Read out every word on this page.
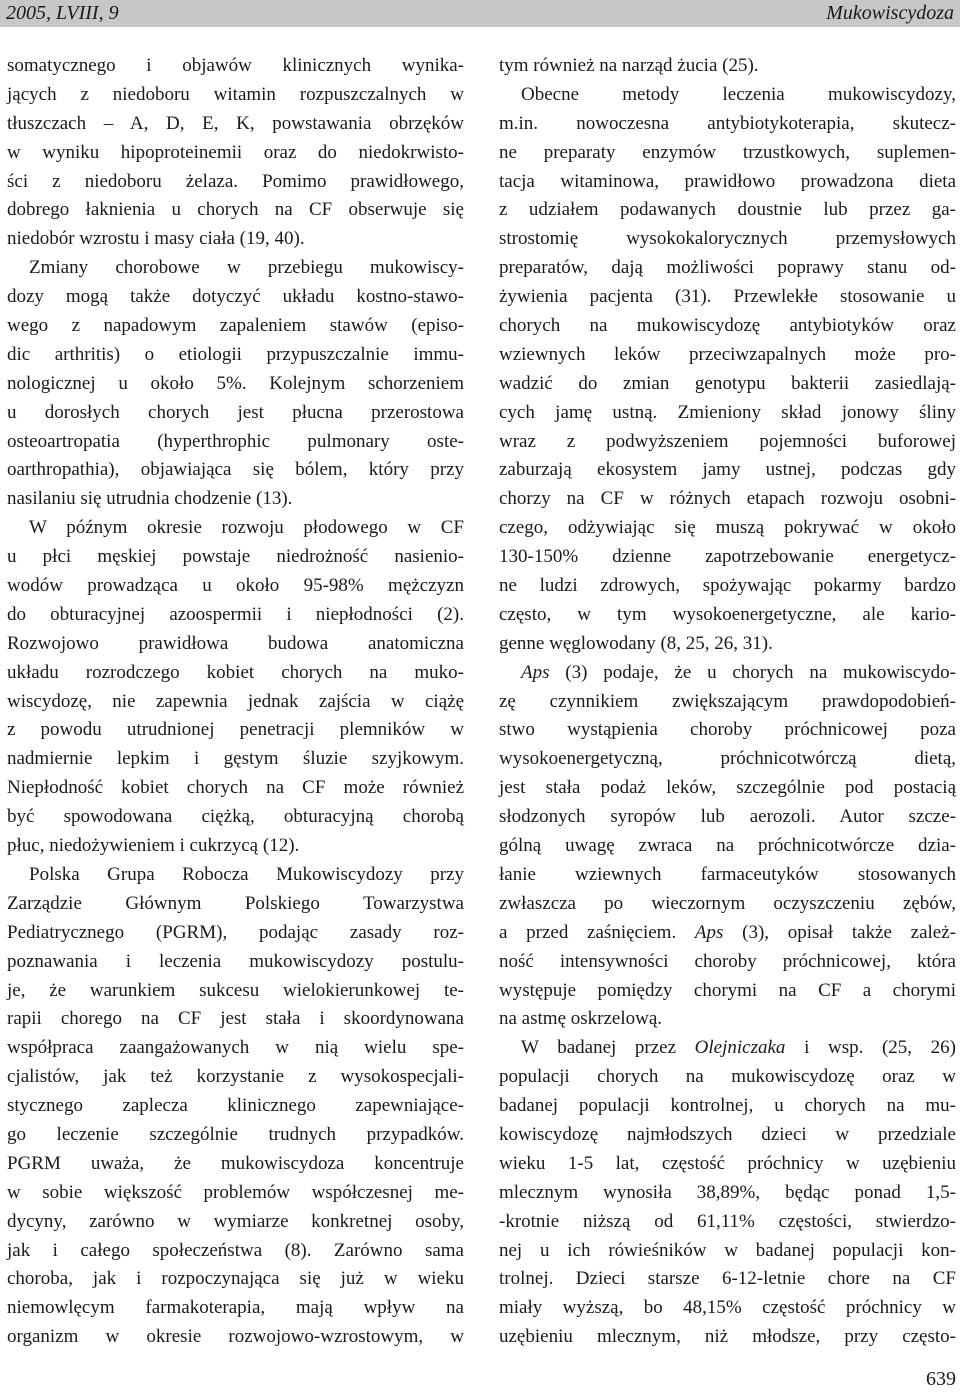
2005, LVIII, 9	Mukowiscydoza
somatycznego i objawów klinicznych wynika-
jących z niedoboru witamin rozpuszczalnych w
tłuszczach – A, D, E, K, powstawania obrzęków
w wyniku hipoproteinemii oraz do niedokrwisto-
ści z niedoboru żelaza. Pomimo prawidłowego,
dobrego łaknienia u chorych na CF obserwuje się
niedobór wzrostu i masy ciała (19, 40).
Zmiany chorobowe w przebiegu mukowiscy-
dozy mogą także dotyczyć układu kostno-stawo-
wego z napadowym zapaleniem stawów (episo-
dic arthritis) o etiologii przypuszczalnie immu-
nologicznej u około 5%. Kolejnym schorzeniem
u dorosłych chorych jest płucna przerostowa
osteoartropatia (hyperthrophic pulmonary oste-
oarthropathia), objawiająca się bólem, który przy
nasilaniu się utrudnia chodzenie (13).
W późnym okresie rozwoju płodowego w CF
u płci męskiej powstaje niedrożność nasienio-
wodów prowadząca u około 95-98% mężczyzn
do obturacyjnej azoospermii i niepłodności (2).
Rozwojowo prawidłowa budowa anatomiczna
układu rozrodczego kobiet chorych na muko-
wiscydozę, nie zapewnia jednak zajścia w ciążę
z powodu utrudnionej penetracji plemników w
nadmiernie lepkim i gęstym śluzie szyjkowym.
Niepłodność kobiet chorych na CF może również
być spowodowana ciężką, obturacyjną chorobą
płuc, niedożywieniem i cukrzycą (12).
Polska Grupa Robocza Mukowiscydozy przy
Zarządzie Głównym Polskiego Towarzystwa
Pediatrycznego (PGRM), podając zasady roz-
poznawania i leczenia mukowiscydozy postulu-
je, że warunkiem sukcesu wielokierunkowej te-
rapii chorego na CF jest stała i skoordynowana
współpraca zaangażowanych w nią wielu spe-
cjalistów, jak też korzystanie z wysokospecjali-
stycznego zaplecza klinicznego zapewniające-
go leczenie szczególnie trudnych przypadków.
PGRM uważa, że mukowiscydoza koncentruje
w sobie większość problemów współczesnej me-
dycyny, zarówno w wymiarze konkretnej osoby,
jak i całego społeczeństwa (8). Zarówno sama
choroba, jak i rozpoczynająca się już w wieku
niemowlęcym farmakoterapia, mają wpływ na
organizm w okresie rozwojowo-wzrostowym, w
tym również na narząd żucia (25).
Obecne metody leczenia mukowiscydozy,
m.in. nowoczesna antybiotykoterapia, skutecz-
ne preparaty enzymów trzustkowych, suplemen-
tacja witaminowa, prawidłowo prowadzona dieta
z udziałem podawanych doustnie lub przez ga-
strostomię wysokokalorycznych przemysłowych
preparatów, dają możliwości poprawy stanu od-
żywienia pacjenta (31). Przewlekłe stosowanie u
chorych na mukowiscydozę antybiotyków oraz
wziewnych leków przeciwzapalnych może pro-
wadzić do zmian genotypu bakterii zasiedlają-
cych jamę ustną. Zmieniony skład jonowy śliny
wraz z podwyższeniem pojemności buforowej
zaburzają ekosystem jamy ustnej, podczas gdy
chorzy na CF w różnych etapach rozwoju osobni-
czego, odżywiając się muszą pokrywać w około
130-150% dzienne zapotrzebowanie energetycz-
ne ludzi zdrowych, spożywając pokarmy bardzo
często, w tym wysokoenergetyczne, ale kario-
genne węglowodany (8, 25, 26, 31).
Aps (3) podaje, że u chorych na mukowiscydo-
zę czynnikiem zwiększającym prawdopodobień-
stwo wystąpienia choroby próchnicowej poza
wysokoenergetyczną, próchnicotwórczą dietą,
jest stała podaż leków, szczególnie pod postacią
słodzonych syropów lub aerozoli. Autor szcze-
gólną uwagę zwraca na próchnicotwórcze dzia-
łanie wziewnych farmaceutyków stosowanych
zwłaszcza po wieczornym oczyszczeniu zębów,
a przed zaśnięciem. Aps (3), opisał także zależ-
ność intensywności choroby próchnicowej, która
występuje pomiędzy chorymi na CF a chorymi
na astmę oskrzelową.
W badanej przez Olejniczaka i wsp. (25, 26)
populacji chorych na mukowiscydozę oraz w
badanej populacji kontrolnej, u chorych na mu-
kowiscydozę najmłodszych dzieci w przedziale
wieku 1-5 lat, częstość próchnicy w uzębieniu
mlecznym wynosiła 38,89%, będąc ponad 1,5-
-krotnie niższą od 61,11% częstości, stwierdzo-
nej u ich rówieśników w badanej populacji kon-
trolnej. Dzieci starsze 6-12-letnie chore na CF
miały wyższą, bo 48,15% częstość próchnicy w
uzębieniu mlecznym, niż młodsze, przy często-
639
